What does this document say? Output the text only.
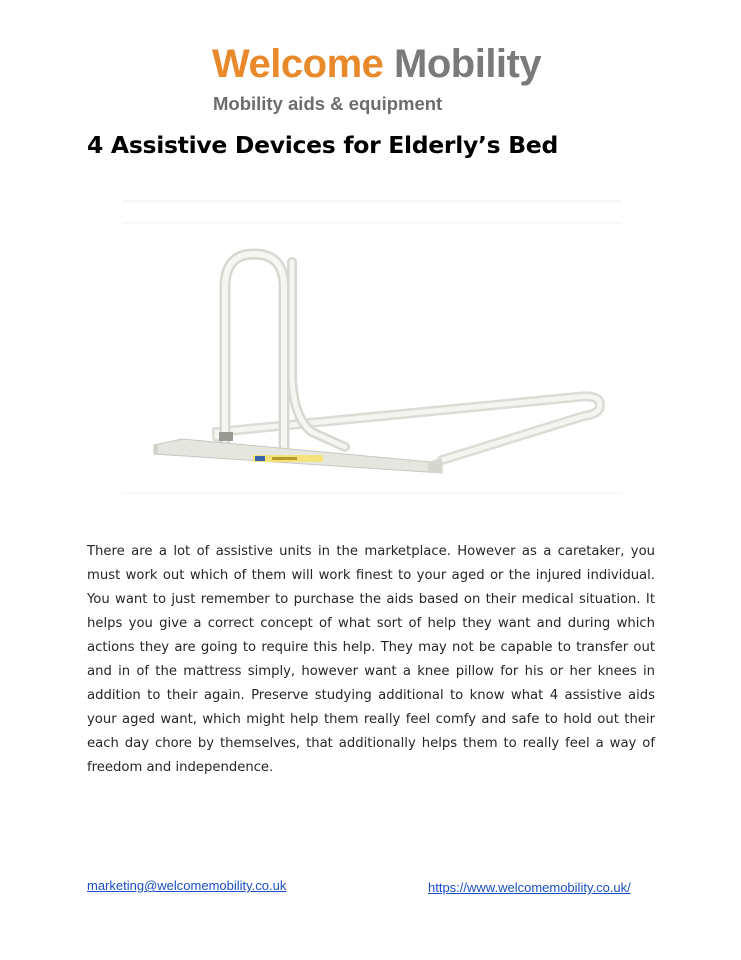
Welcome Mobility
Mobility aids & equipment
4 Assistive Devices for Elderly’s Bed

There are a lot of assistive units in the marketplace. However as a caretaker, you must work out which of them will work finest to your aged or the injured individual. You want to just remember to purchase the aids based on their medical situation. It helps you give a correct concept of what sort of help they want and during which actions they are going to require this help. They may not be capable to transfer out and in of the mattress simply, however want a knee pillow for his or her knees in addition to their again. Preserve studying additional to know what 4 assistive aids your aged want, which might help them really feel comfy and safe to hold out their each day chore by themselves, that additionally helps them to really feel a way of freedom and independence.

marketing@welcomemobility.co.uk	https://www.welcomemobility.co.uk/
